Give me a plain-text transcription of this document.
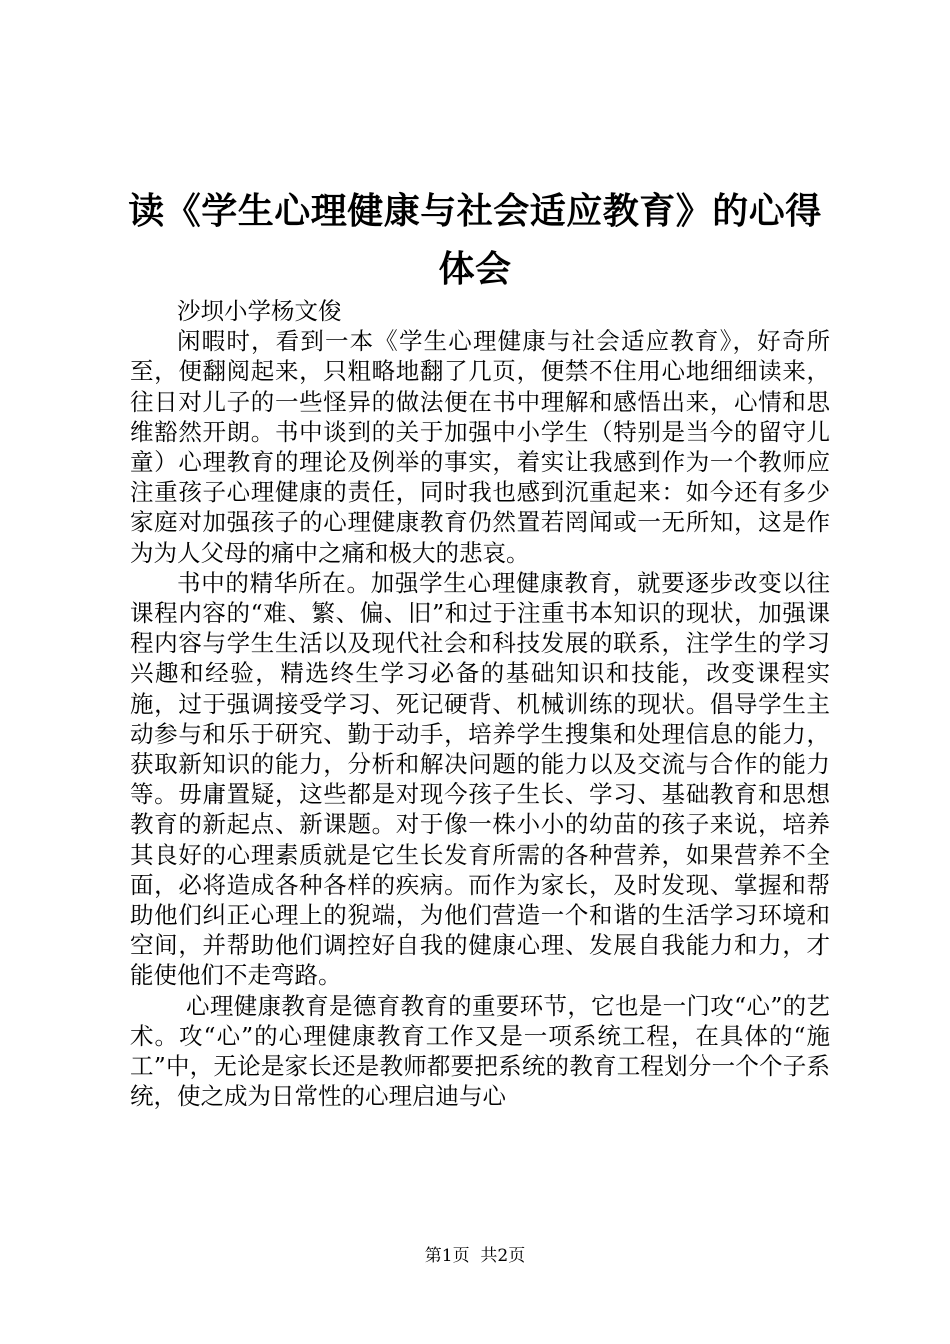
读《学生心理健康与社会适应教育》的心得体会

沙坝小学杨文俊

闲暇时，看到一本《学生心理健康与社会适应教育》，好奇所至，便翻阅起来，只粗略地翻了几页，便禁不住用心地细细读来，往日对儿子的一些怪异的做法便在书中理解和感悟出来，心情和思维豁然开朗。书中谈到的关于加强中小学生（特别是当今的留守儿童）心理教育的理论及例举的事实，着实让我感到作为一个教师应注重孩子心理健康的责任，同时我也感到沉重起来：如今还有多少家庭对加强孩子的心理健康教育仍然置若罔闻或一无所知，这是作为为人父母的痛中之痛和极大的悲哀。

书中的精华所在。加强学生心理健康教育，就要逐步改变以往课程内容的“难、繁、偏、旧”和过于注重书本知识的现状，加强课程内容与学生生活以及现代社会和科技发展的联系，注学生的学习兴趣和经验，精选终生学习必备的基础知识和技能，改变课程实施，过于强调接受学习、死记硬背、机械训练的现状。倡导学生主动参与和乐于研究、勤于动手，培养学生搜集和处理信息的能力，获取新知识的能力，分析和解决问题的能力以及交流与合作的能力等。毋庸置疑，这些都是对现今孩子生长、学习、基础教育和思想教育的新起点、新课题。对于像一株小小的幼苗的孩子来说，培养其良好的心理素质就是它生长发育所需的各种营养，如果营养不全面，必将造成各种各样的疾病。而作为家长，及时发现、掌握和帮助他们纠正心理上的猊端，为他们营造一个和谐的生活学习环境和空间，并帮助他们调控好自我的健康心理、发展自我能力和力，才能使他们不走弯路。

心理健康教育是德育教育的重要环节，它也是一门攻“心”的艺术。攻“心”的心理健康教育工作又是一项系统工程，在具体的“施工”中，无论是家长还是教师都要把系统的教育工程划分一个个子系统，使之成为日常性的心理启迪与心

第1页  共2页
